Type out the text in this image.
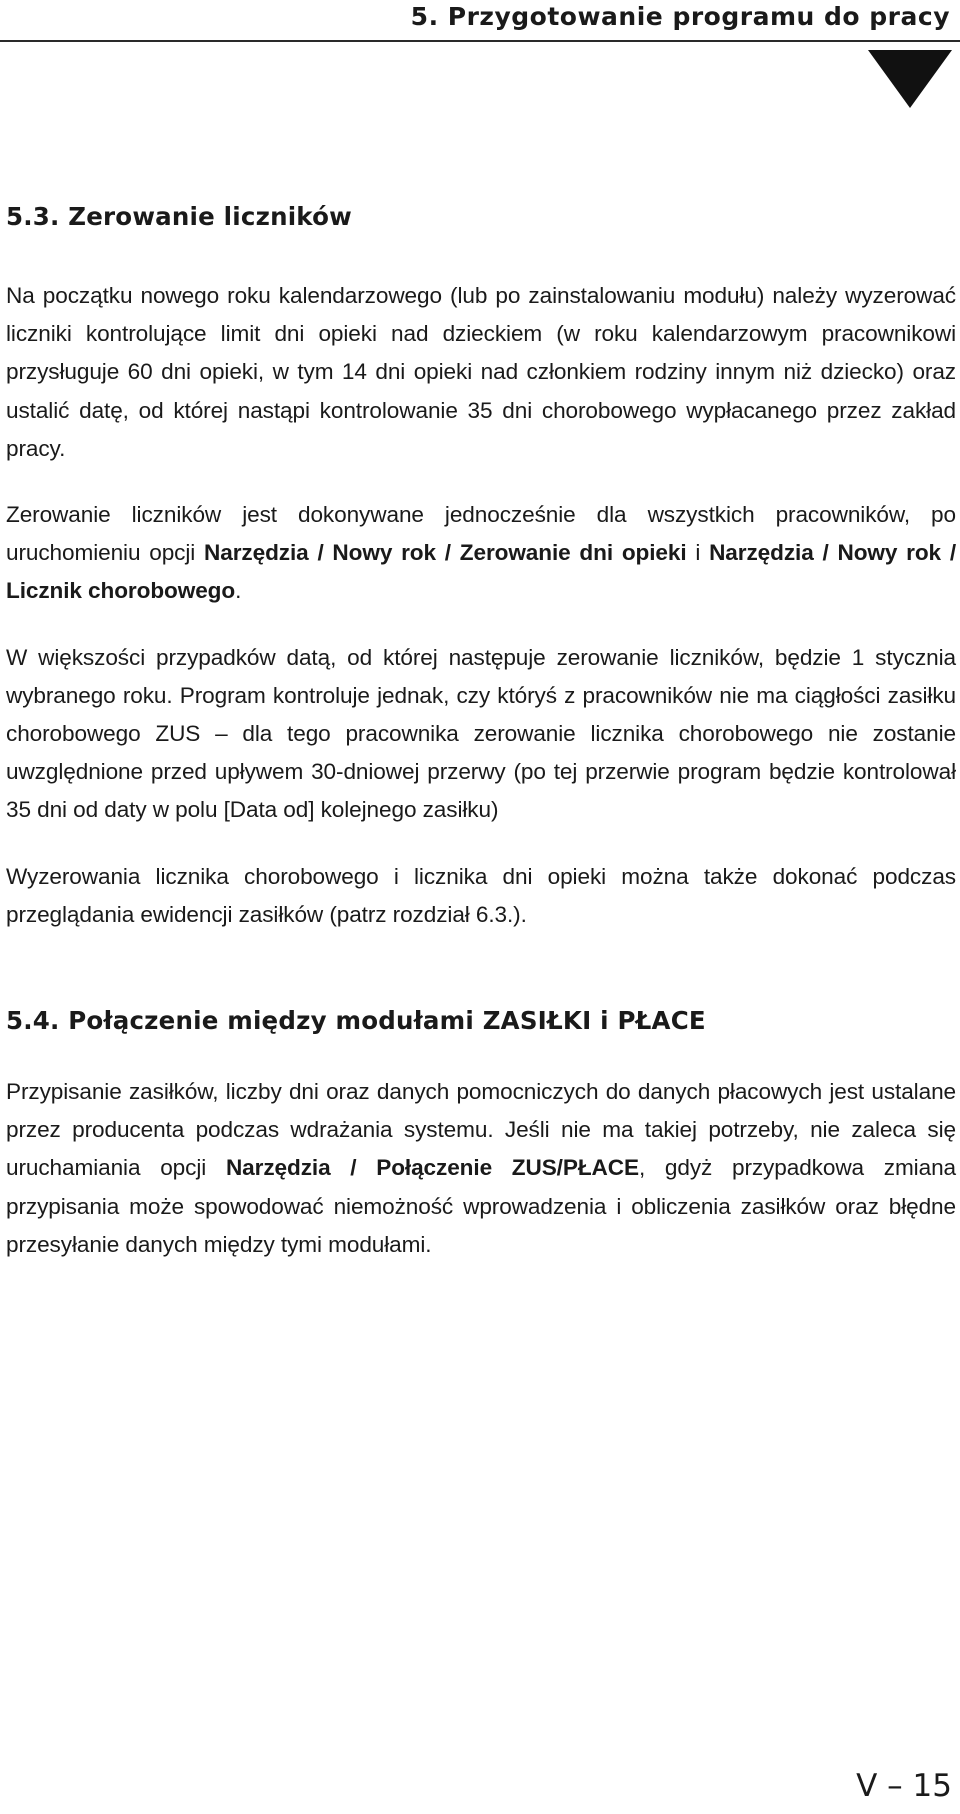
5. Przygotowanie programu do pracy
5.3. Zerowanie liczników

Na początku nowego roku kalendarzowego (lub po zainstalowaniu modułu) należy wyzerować liczniki kontrolujące limit dni opieki nad dzieckiem (w roku kalendarzowym pracownikowi przysługuje 60 dni opieki, w tym 14 dni opieki nad członkiem rodziny innym niż dziecko) oraz ustalić datę, od której nastąpi kontrolowanie 35 dni chorobowego wypłacanego przez zakład pracy.

Zerowanie liczników jest dokonywane jednocześnie dla wszystkich pracowników, po uruchomieniu opcji Narzędzia / Nowy rok / Zerowanie dni opieki i Narzędzia / Nowy rok / Licznik chorobowego.

W większości przypadków datą, od której następuje zerowanie liczników, będzie 1 stycznia wybranego roku. Program kontroluje jednak, czy któryś z pracowników nie ma ciągłości zasiłku chorobowego ZUS – dla tego pracownika zerowanie licznika chorobowego nie zostanie uwzględnione przed upływem 30-dniowej przerwy (po tej przerwie program będzie kontrolował 35 dni od daty w polu [Data od] kolejnego zasiłku)

Wyzerowania licznika chorobowego i licznika dni opieki można także dokonać podczas przeglądania ewidencji zasiłków (patrz rozdział 6.3.).

5.4. Połączenie między modułami ZASIŁKI i PŁACE

Przypisanie zasiłków, liczby dni oraz danych pomocniczych do danych płacowych jest ustalane przez producenta podczas wdrażania systemu. Jeśli nie ma takiej potrzeby, nie zaleca się uruchamiania opcji Narzędzia / Połączenie ZUS/PŁACE, gdyż przypadkowa zmiana przypisania może spowodować niemożność wprowadzenia i obliczenia zasiłków oraz błędne przesyłanie danych między tymi modułami.

V – 15
